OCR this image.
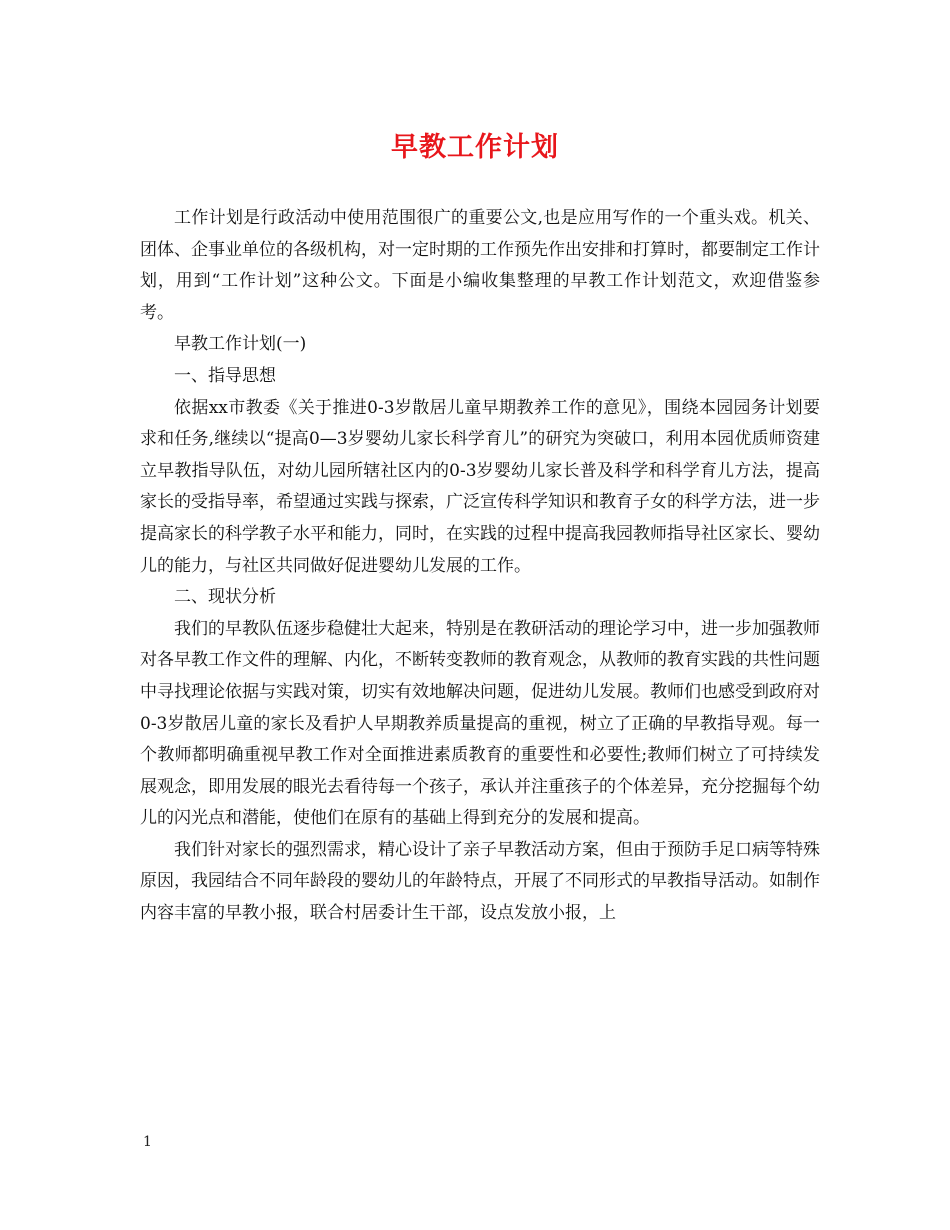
早教工作计划

工作计划是行政活动中使用范围很广的重要公文,也是应用写作的一个重头戏。机关、团体、企事业单位的各级机构，对一定时期的工作预先作出安排和打算时，都要制定工作计划，用到“工作计划”这种公文。下面是小编收集整理的早教工作计划范文，欢迎借鉴参考。

早教工作计划(一)

一、指导思想

依据xx市教委《关于推进0-3岁散居儿童早期教养工作的意见》，围绕本园园务计划要求和任务,继续以“提高0—3岁婴幼儿家长科学育儿”的研究为突破口，利用本园优质师资建立早教指导队伍，对幼儿园所辖社区内的0-3岁婴幼儿家长普及科学和科学育儿方法，提高家长的受指导率，希望通过实践与探索，广泛宣传科学知识和教育子女的科学方法，进一步提高家长的科学教子水平和能力，同时，在实践的过程中提高我园教师指导社区家长、婴幼儿的能力，与社区共同做好促进婴幼儿发展的工作。

二、现状分析

我们的早教队伍逐步稳健壮大起来，特别是在教研活动的理论学习中，进一步加强教师对各早教工作文件的理解、内化，不断转变教师的教育观念，从教师的教育实践的共性问题中寻找理论依据与实践对策，切实有效地解决问题，促进幼儿发展。教师们也感受到政府对0-3岁散居儿童的家长及看护人早期教养质量提高的重视，树立了正确的早教指导观。每一个教师都明确重视早教工作对全面推进素质教育的重要性和必要性;教师们树立了可持续发展观念，即用发展的眼光去看待每一个孩子，承认并注重孩子的个体差异，充分挖掘每个幼儿的闪光点和潜能，使他们在原有的基础上得到充分的发展和提高。

我们针对家长的强烈需求，精心设计了亲子早教活动方案，但由于预防手足口病等特殊原因，我园结合不同年龄段的婴幼儿的年龄特点，开展了不同形式的早教指导活动。如制作内容丰富的早教小报，联合村居委计生干部，设点发放小报，上

1
